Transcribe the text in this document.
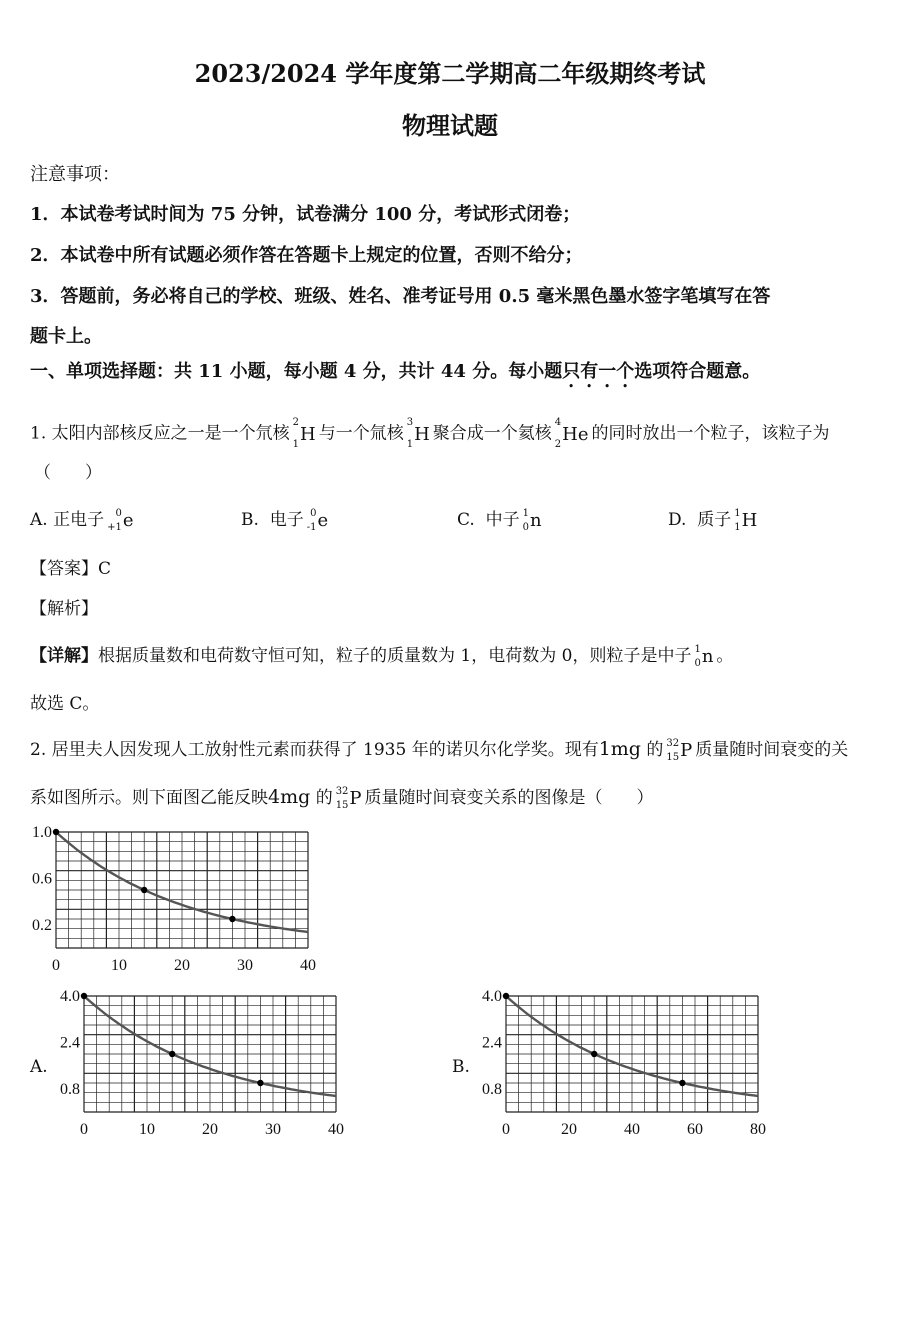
2023/2024 学年度第二学期高二年级期终考试
物理试题
注意事项：
1．本试卷考试时间为 75 分钟，试卷满分 100 分，考试形式闭卷；
2．本试卷中所有试题必须作答在答题卡上规定的位置，否则不给分；
3．答题前，务必将自己的学校、班级、姓名、准考证号用 0.5 毫米黑色墨水签字笔填写在答
题卡上。
一、单项选择题：共 11 小题，每小题 4 分，共计 44 分。每小题只有一个选项符合题意。
1. 太阳内部核反应之一是一个氘核
2
1 H 与一个氚核
3
1 H 聚合成一个氦核
4
2 He 的同时放出一个粒子，该粒子为
（　　）
A. 正电子 0
+1 e	B. 电子 0
-1 e	C. 中子 1
0 n	D. 质子 1
1 H
【答案】C
【解析】
【详解】根据质量数和电荷数守恒可知，粒子的质量数为 1，电荷数为 0，则粒子是中子 1
0 n 。
故选 C。
2. 居里夫人因发现人工放射性元素而获得了 1935 年的诺贝尔化学奖。现有1mg 的 32
15 P 质量随时间衰变的关
系如图所示。则下面图乙能反映4mg 的 32
15 P 质量随时间衰变关系的图像是（　　）
0	10	20	30	40
0.2
0.6
1.0
A.
0	10	20	30	40
0.8
2.4
4.0
B.
0	20	40	60	80
0.8
2.4
4.0
